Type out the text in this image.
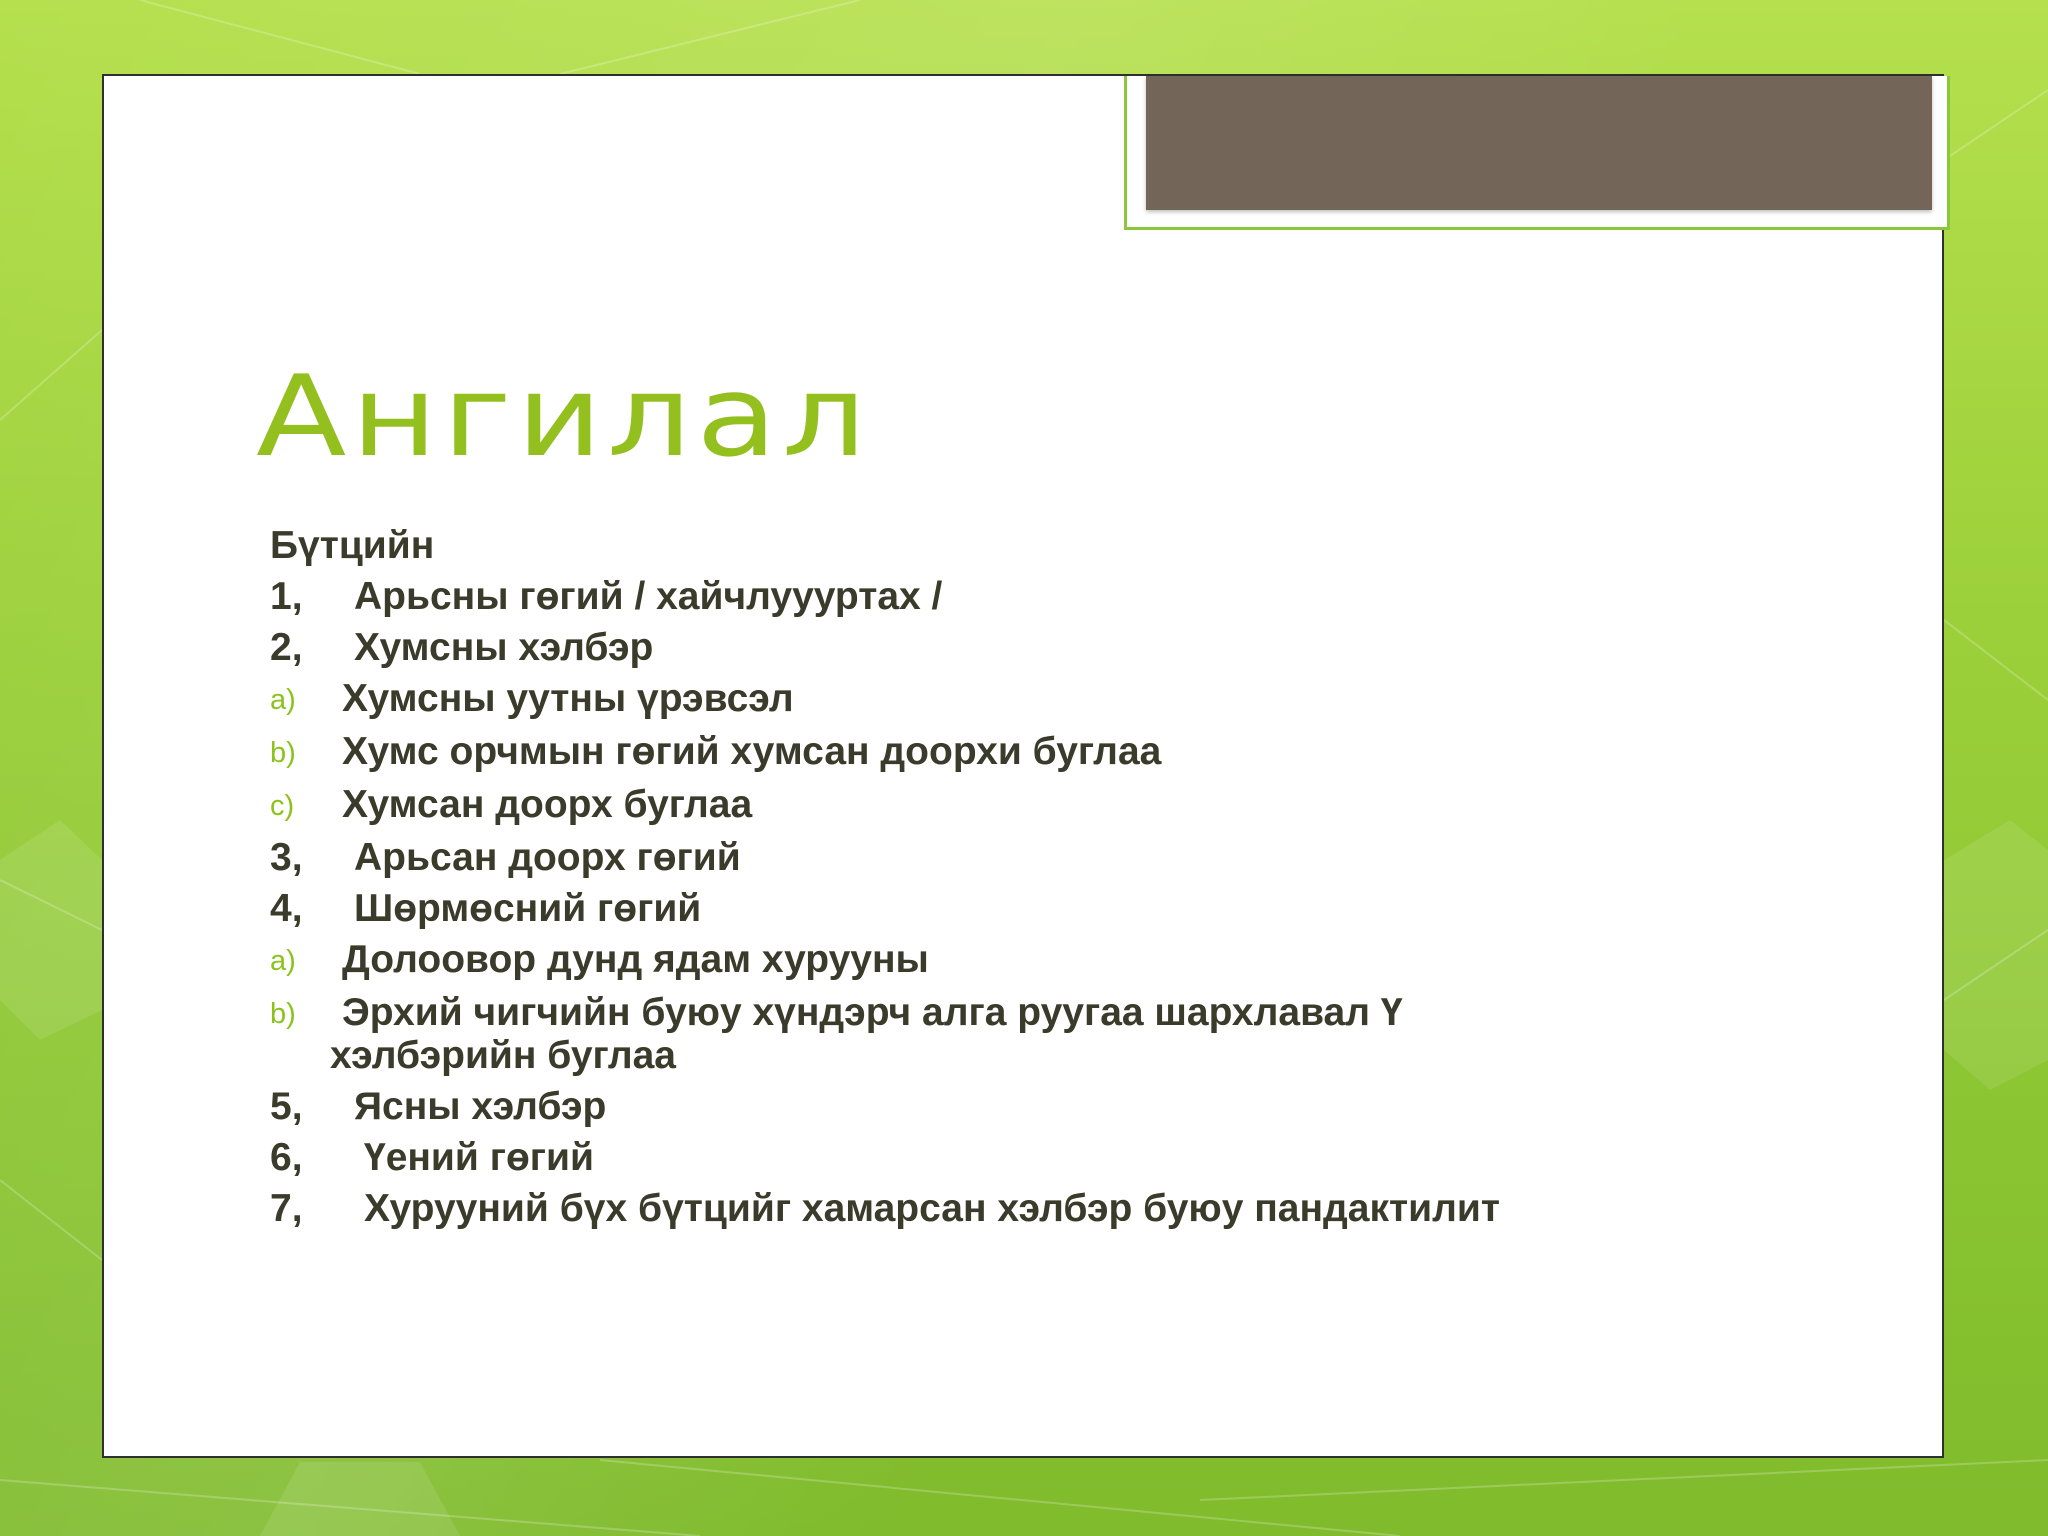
Ангилал
Бүтцийн
1, Арьсны гөгий / хайчлуууртах /
2, Хумсны хэлбэр
a) Хумсны уутны үрэвсэл
b) Хумс орчмын гөгий хумсан доорхи буглаа
c) Хумсан доорх буглаа
3, Арьсан доорх гөгий
4, Шөрмөсний гөгий
a) Долоовор дунд ядам хурууны
b) Эрхий чигчийн буюу хүндэрч алга руугаа шархлавал Ү
хэлбэрийн буглаа
5, Ясны хэлбэр
6, Үений гөгий
7, Хурууний бүх бүтцийг хамарсан хэлбэр буюу пандактилит
